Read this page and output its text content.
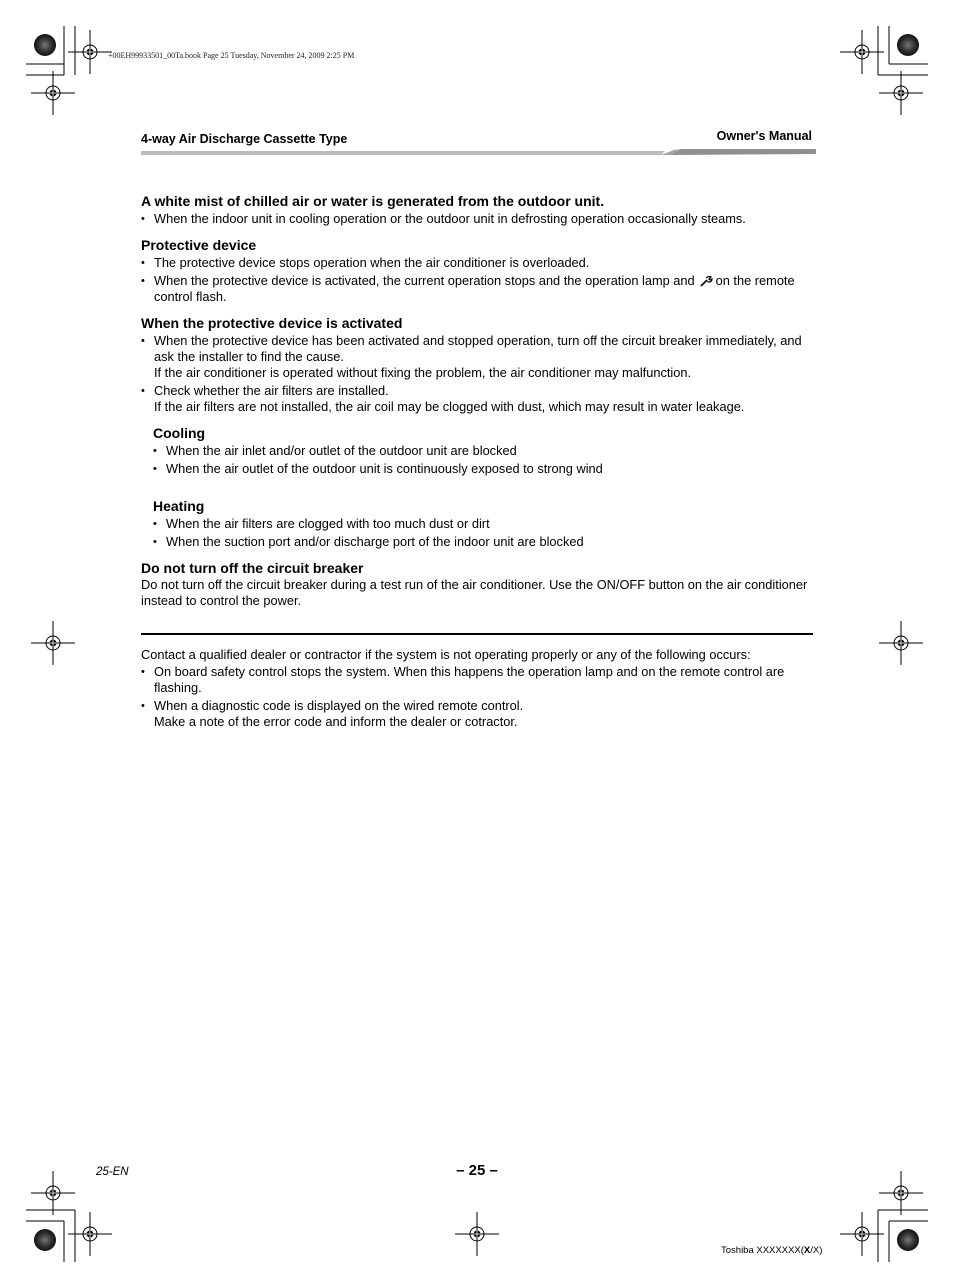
+00EH99933501_00Ta.book Page 25 Tuesday, November 24, 2009 2:25 PM
4-way Air Discharge Cassette Type	Owner's Manual
A white mist of chilled air or water is generated from the outdoor unit.
• When the indoor unit in cooling operation or the outdoor unit in defrosting operation occasionally steams.
Protective device
• The protective device stops operation when the air conditioner is overloaded.
• When the protective device is activated, the current operation stops and the operation lamp and on the remote control flash.
When the protective device is activated
• When the protective device has been activated and stopped operation, turn off the circuit breaker immediately, and ask the installer to find the cause.
If the air conditioner is operated without fixing the problem, the air conditioner may malfunction.
• Check whether the air filters are installed.
If the air filters are not installed, the air coil may be clogged with dust, which may result in water leakage.
Cooling
• When the air inlet and/or outlet of the outdoor unit are blocked
• When the air outlet of the outdoor unit is continuously exposed to strong wind
Heating
• When the air filters are clogged with too much dust or dirt
• When the suction port and/or discharge port of the indoor unit are blocked
Do not turn off the circuit breaker

Do not turn off the circuit breaker during a test run of the air conditioner. Use the ON/OFF button on the air conditioner instead to control the power.

Contact a qualified dealer or contractor if the system is not operating properly or any of the following occurs:

• On board safety control stops the system. When this happens the operation lamp and on the remote control are flashing.
• When a diagnostic code is displayed on the wired remote control.
Make a note of the error code and inform the dealer or cotractor.
25-EN	– 25 –
Toshiba XXXXXXX(X/X)
